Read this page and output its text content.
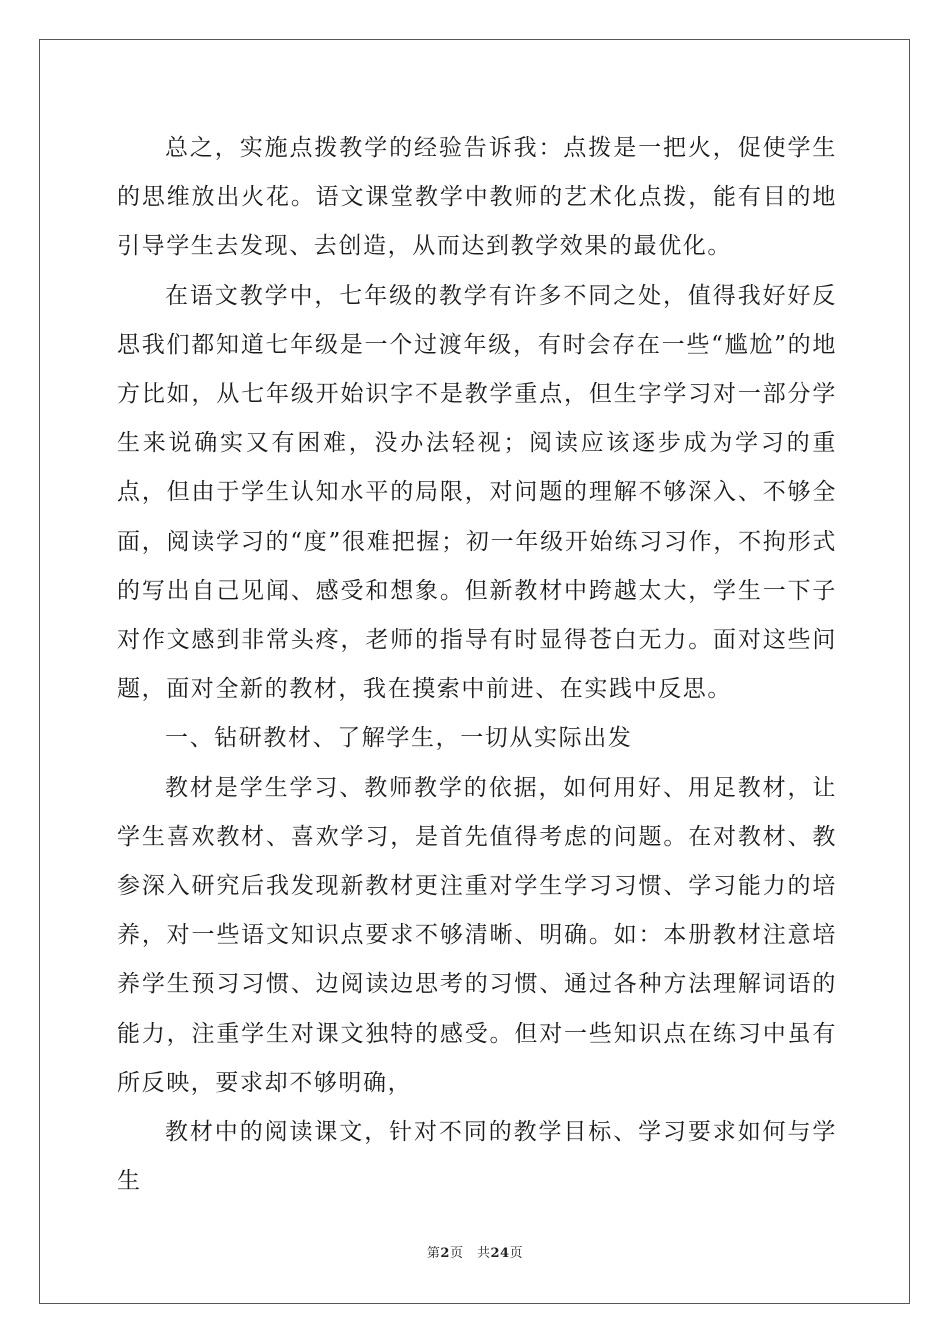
总之，实施点拨教学的经验告诉我：点拨是一把火，促使学生的思维放出火花。语文课堂教学中教师的艺术化点拨，能有目的地引导学生去发现、去创造，从而达到教学效果的最优化。

在语文教学中，七年级的教学有许多不同之处，值得我好好反思我们都知道七年级是一个过渡年级，有时会存在一些“尴尬”的地方比如，从七年级开始识字不是教学重点，但生字学习对一部分学生来说确实又有困难，没办法轻视；阅读应该逐步成为学习的重点，但由于学生认知水平的局限，对问题的理解不够深入、不够全面，阅读学习的“度”很难把握；初一年级开始练习习作，不拘形式的写出自己见闻、感受和想象。但新教材中跨越太大，学生一下子对作文感到非常头疼，老师的指导有时显得苍白无力。面对这些问题，面对全新的教材，我在摸索中前进、在实践中反思。

一、钻研教材、了解学生，一切从实际出发

教材是学生学习、教师教学的依据，如何用好、用足教材，让学生喜欢教材、喜欢学习，是首先值得考虑的问题。在对教材、教参深入研究后我发现新教材更注重对学生学习习惯、学习能力的培养，对一些语文知识点要求不够清晰、明确。如：本册教材注意培养学生预习习惯、边阅读边思考的习惯、通过各种方法理解词语的能力，注重学生对课文独特的感受。但对一些知识点在练习中虽有所反映，要求却不够明确，

教材中的阅读课文，针对不同的教学目标、学习要求如何与学生

第2页　共24页
